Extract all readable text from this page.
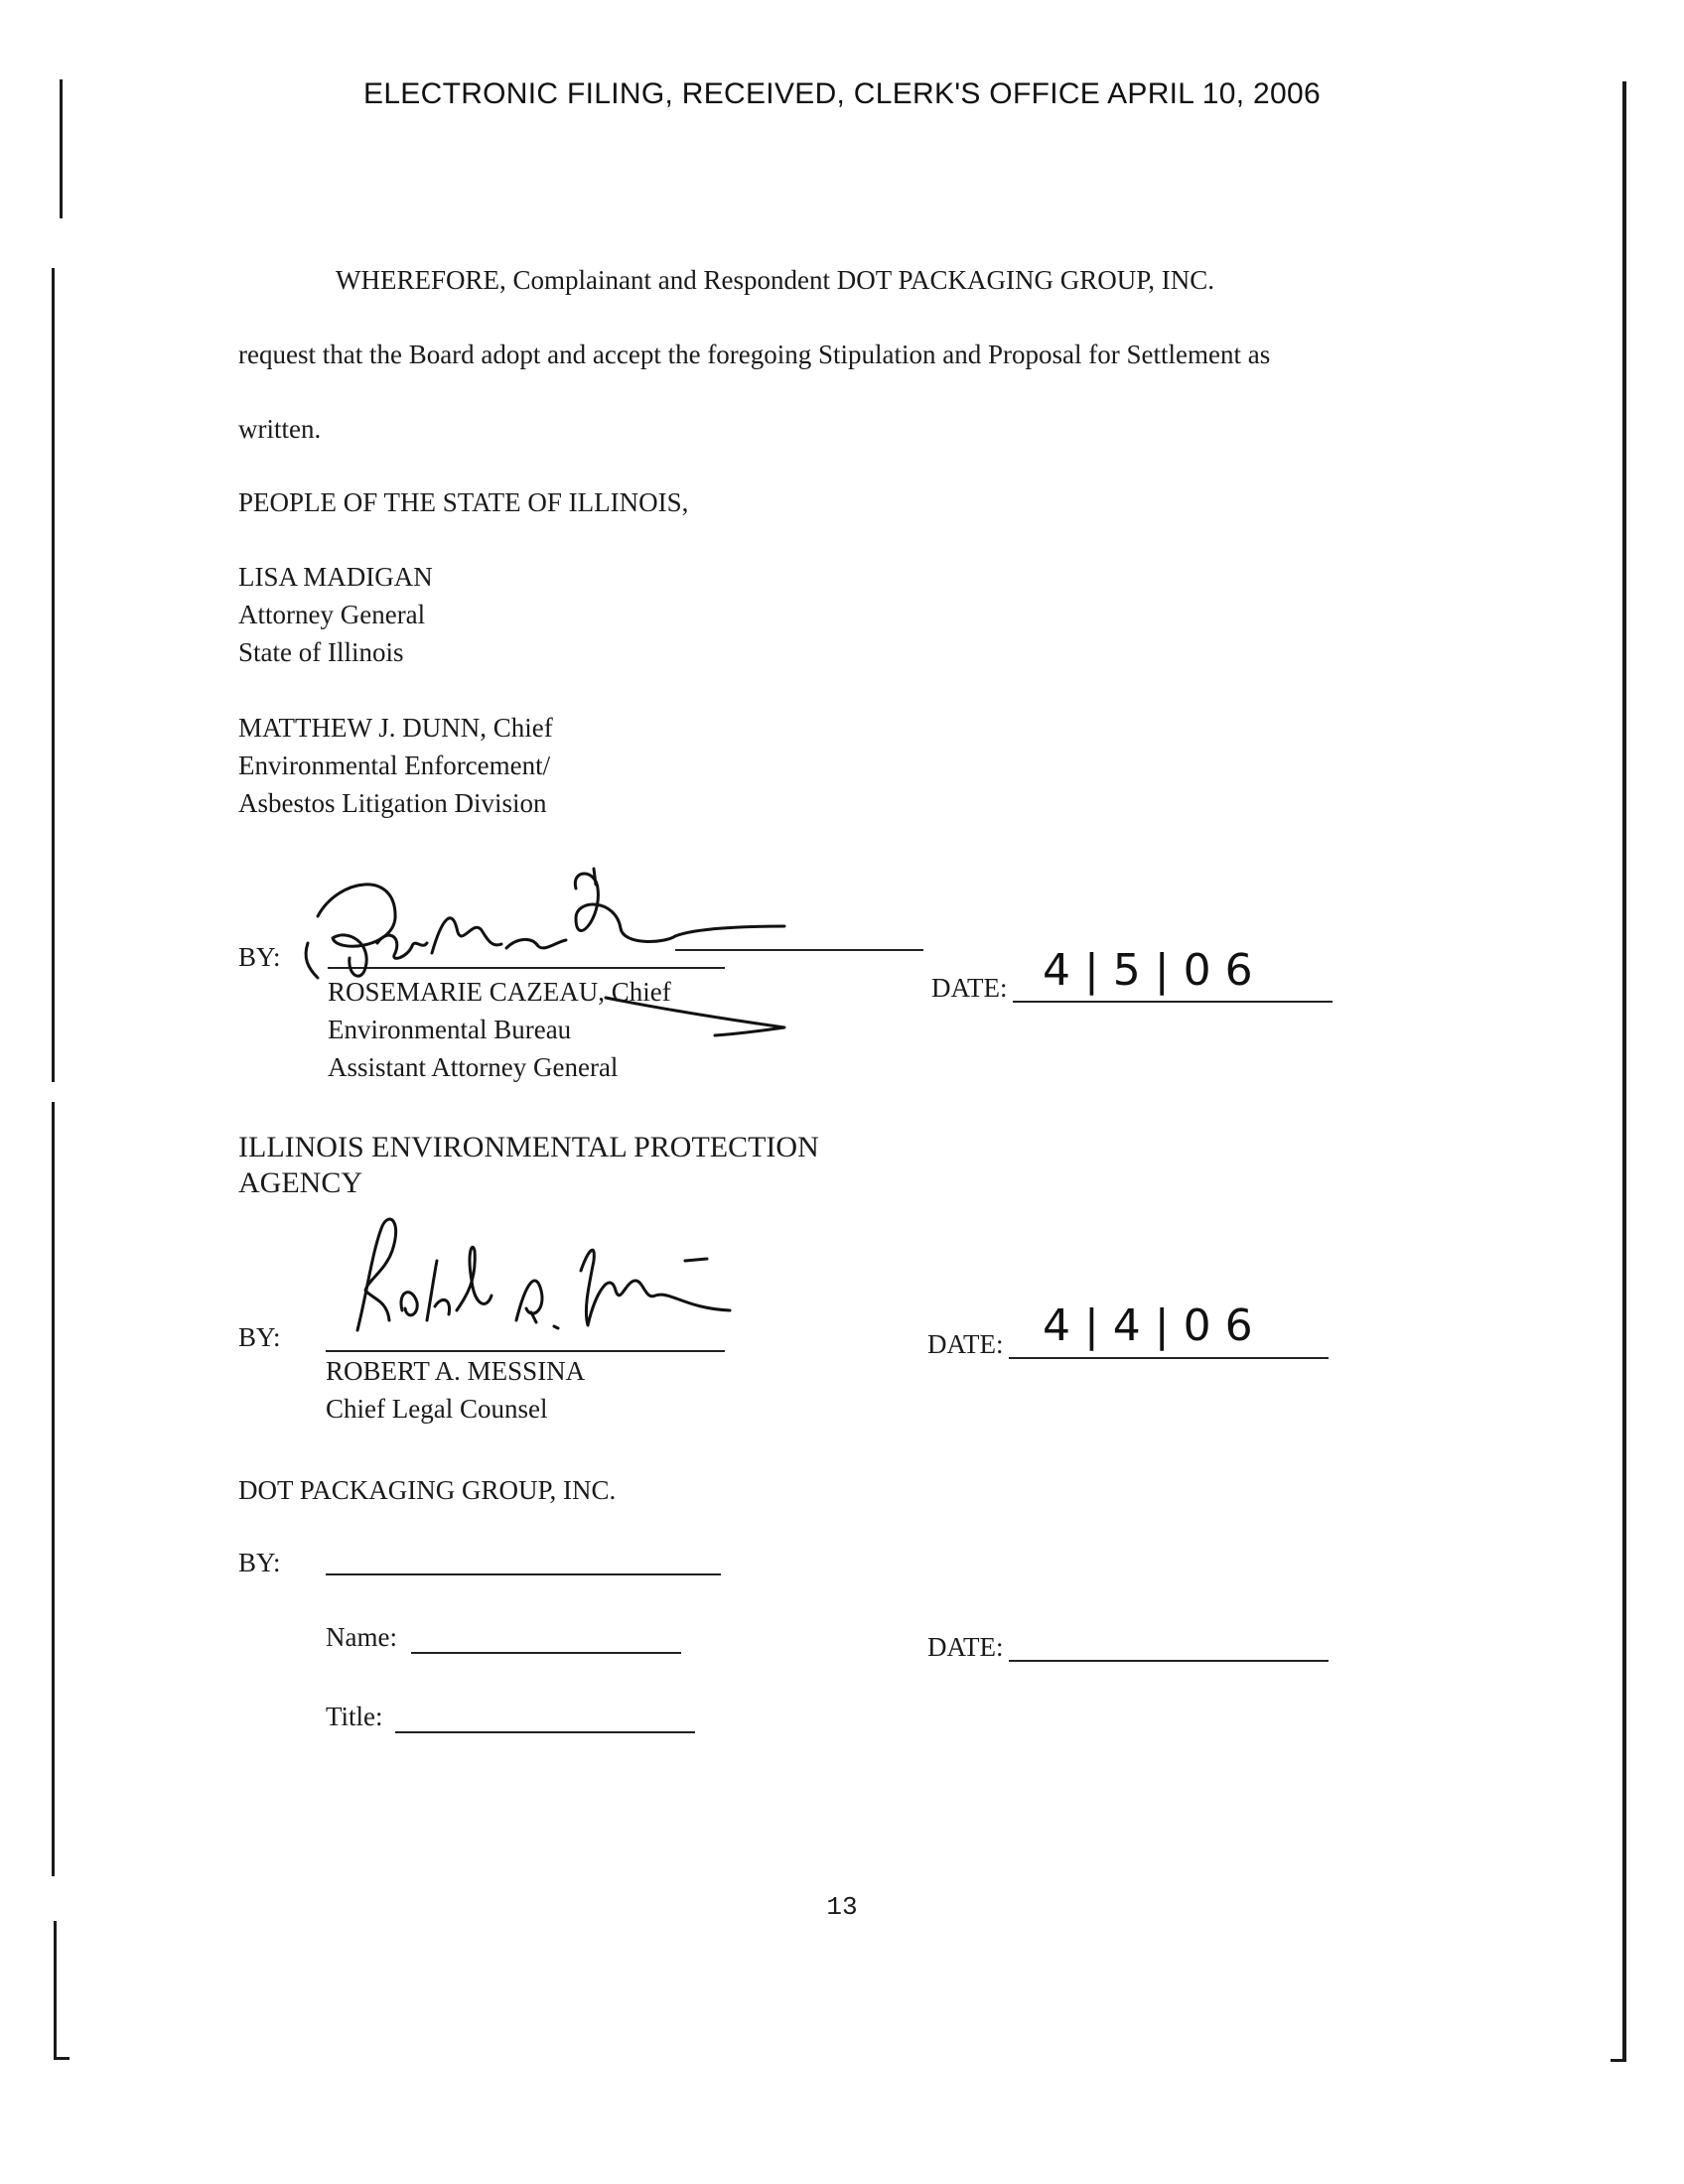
ELECTRONIC FILING, RECEIVED, CLERK'S OFFICE APRIL 10, 2006
WHEREFORE, Complainant and Respondent DOT PACKAGING GROUP, INC.
request that the Board adopt and accept the foregoing Stipulation and Proposal for Settlement as
written.
PEOPLE OF THE STATE OF ILLINOIS,
LISA MADIGAN
Attorney General
State of Illinois
MATTHEW J. DUNN, Chief
Environmental Enforcement/
Asbestos Litigation Division
BY:
ROSEMARIE CAZEAU, Chief
Environmental Bureau
Assistant Attorney General
DATE: 4 | 5 | 0 6
ILLINOIS ENVIRONMENTAL PROTECTION
AGENCY
BY:
ROBERT A. MESSINA
Chief Legal Counsel
DATE: 4 | 4 | 0 6
DOT PACKAGING GROUP, INC.
BY:
Name:	DATE:
Title:
13
